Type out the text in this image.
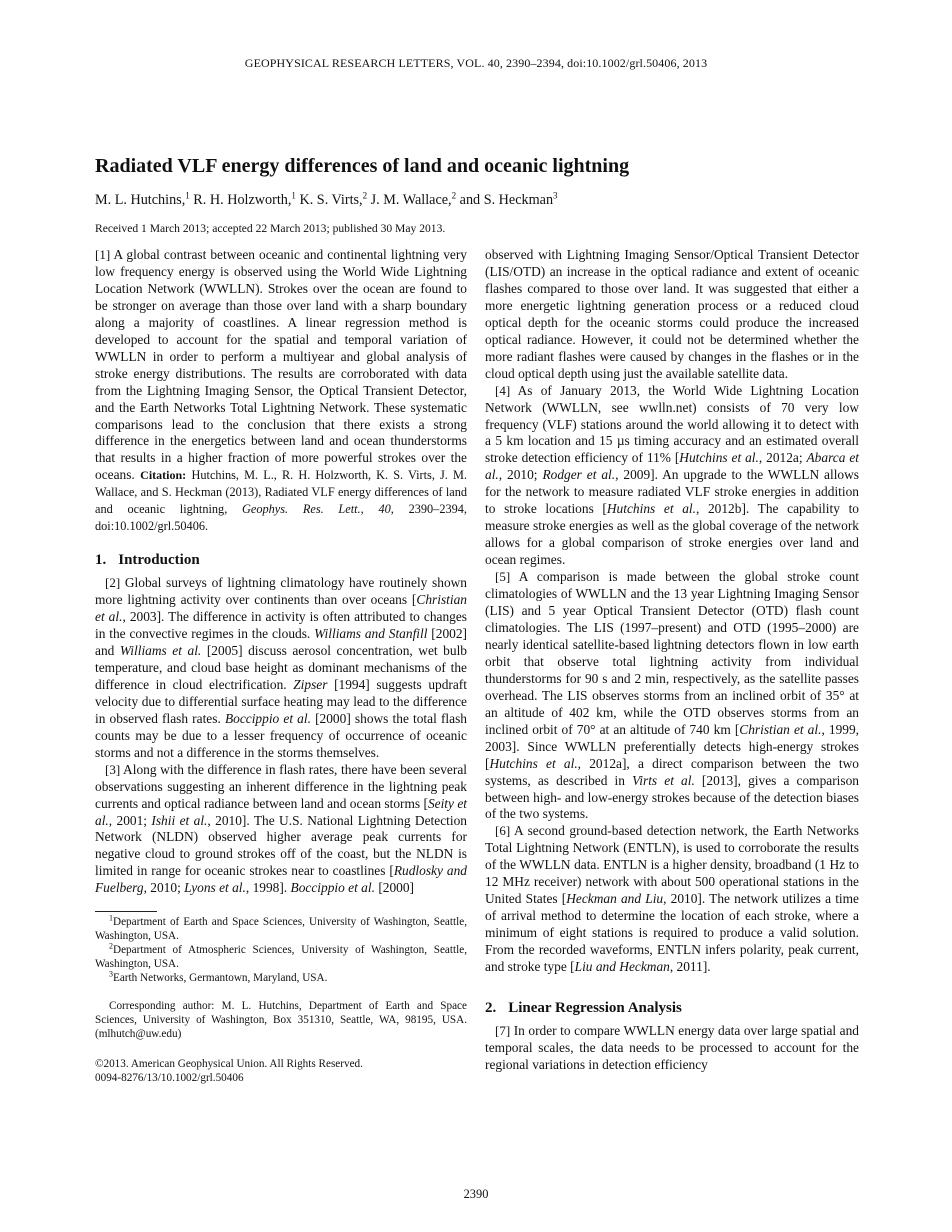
GEOPHYSICAL RESEARCH LETTERS, VOL. 40, 2390–2394, doi:10.1002/grl.50406, 2013
Radiated VLF energy differences of land and oceanic lightning
M. L. Hutchins,$^1$ R. H. Holzworth,$^1$ K. S. Virts,$^2$ J. M. Wallace,$^2$ and S. Heckman$^3$
Received 1 March 2013; accepted 22 March 2013; published 30 May 2013.

[1] A global contrast between oceanic and continental lightning very low frequency energy is observed using the World Wide Lightning Location Network (WWLLN). Strokes over the ocean are found to be stronger on average than those over land with a sharp boundary along a majority of coastlines. A linear regression method is developed to account for the spatial and temporal variation of WWLLN in order to perform a multiyear and global analysis of stroke energy distributions. The results are corroborated with data from the Lightning Imaging Sensor, the Optical Transient Detector, and the Earth Networks Total Lightning Network. These systematic comparisons lead to the conclusion that there exists a strong difference in the energetics between land and ocean thunderstorms that results in a higher fraction of more powerful strokes over the oceans. Citation: Hutchins, M. L., R. H. Holzworth, K. S. Virts, J. M. Wallace, and S. Heckman (2013), Radiated VLF energy differences of land and oceanic lightning, Geophys. Res. Lett., 40, 2390–2394, doi:10.1002/grl.50406.

1. Introduction

[2] Global surveys of lightning climatology have routinely shown more lightning activity over continents than over oceans [Christian et al., 2003]. The difference in activity is often attributed to changes in the convective regimes in the clouds. Williams and Stanfill [2002] and Williams et al. [2005] discuss aerosol concentration, wet bulb temperature, and cloud base height as dominant mechanisms of the difference in cloud electrification. Zipser [1994] suggests updraft velocity due to differential surface heating may lead to the difference in observed flash rates. Boccippio et al. [2000] shows the total flash counts may be due to a lesser frequency of occurrence of oceanic storms and not a difference in the storms themselves.

[3] Along with the difference in flash rates, there have been several observations suggesting an inherent difference in the lightning peak currents and optical radiance between land and ocean storms [Seity et al., 2001; Ishii et al., 2010]. The U.S. National Lightning Detection Network (NLDN) observed higher average peak currents for negative cloud to ground strokes off of the coast, but the NLDN is limited in range for oceanic strokes near to coastlines [Rudlosky and Fuelberg, 2010; Lyons et al., 1998]. Boccippio et al. [2000]

$^1$Department of Earth and Space Sciences, University of Washington, Seattle, Washington, USA.

$^2$Department of Atmospheric Sciences, University of Washington, Seattle, Washington, USA.

$^3$Earth Networks, Germantown, Maryland, USA.

Corresponding author: M. L. Hutchins, Department of Earth and Space Sciences, University of Washington, Box 351310, Seattle, WA, 98195, USA. (mlhutch@uw.edu)

©2013. American Geophysical Union. All Rights Reserved.
0094-8276/13/10.1002/grl.50406

observed with Lightning Imaging Sensor/Optical Transient Detector (LIS/OTD) an increase in the optical radiance and extent of oceanic flashes compared to those over land. It was suggested that either a more energetic lightning generation process or a reduced cloud optical depth for the oceanic storms could produce the increased optical radiance. However, it could not be determined whether the more radiant flashes were caused by changes in the flashes or in the cloud optical depth using just the available satellite data.

[4] As of January 2013, the World Wide Lightning Location Network (WWLLN, see wwlln.net) consists of 70 very low frequency (VLF) stations around the world allowing it to detect with a 5 km location and 15 µs timing accuracy and an estimated overall stroke detection efficiency of 11% [Hutchins et al., 2012a; Abarca et al., 2010; Rodger et al., 2009]. An upgrade to the WWLLN allows for the network to measure radiated VLF stroke energies in addition to stroke locations [Hutchins et al., 2012b]. The capability to measure stroke energies as well as the global coverage of the network allows for a global comparison of stroke energies over land and ocean regimes.

[5] A comparison is made between the global stroke count climatologies of WWLLN and the 13 year Lightning Imaging Sensor (LIS) and 5 year Optical Transient Detector (OTD) flash count climatologies. The LIS (1997–present) and OTD (1995–2000) are nearly identical satellite-based lightning detectors flown in low earth orbit that observe total lightning activity from individual thunderstorms for 90 s and 2 min, respectively, as the satellite passes overhead. The LIS observes storms from an inclined orbit of 35° at an altitude of 402 km, while the OTD observes storms from an inclined orbit of 70° at an altitude of 740 km [Christian et al., 1999, 2003]. Since WWLLN preferentially detects high-energy strokes [Hutchins et al., 2012a], a direct comparison between the two systems, as described in Virts et al. [2013], gives a comparison between high- and low-energy strokes because of the detection biases of the two systems.

[6] A second ground-based detection network, the Earth Networks Total Lightning Network (ENTLN), is used to corroborate the results of the WWLLN data. ENTLN is a higher density, broadband (1 Hz to 12 MHz receiver) network with about 500 operational stations in the United States [Heckman and Liu, 2010]. The network utilizes a time of arrival method to determine the location of each stroke, where a minimum of eight stations is required to produce a valid solution. From the recorded waveforms, ENTLN infers polarity, peak current, and stroke type [Liu and Heckman, 2011].

2. Linear Regression Analysis

[7] In order to compare WWLLN energy data over large spatial and temporal scales, the data needs to be processed to account for the regional variations in detection efficiency

2390
